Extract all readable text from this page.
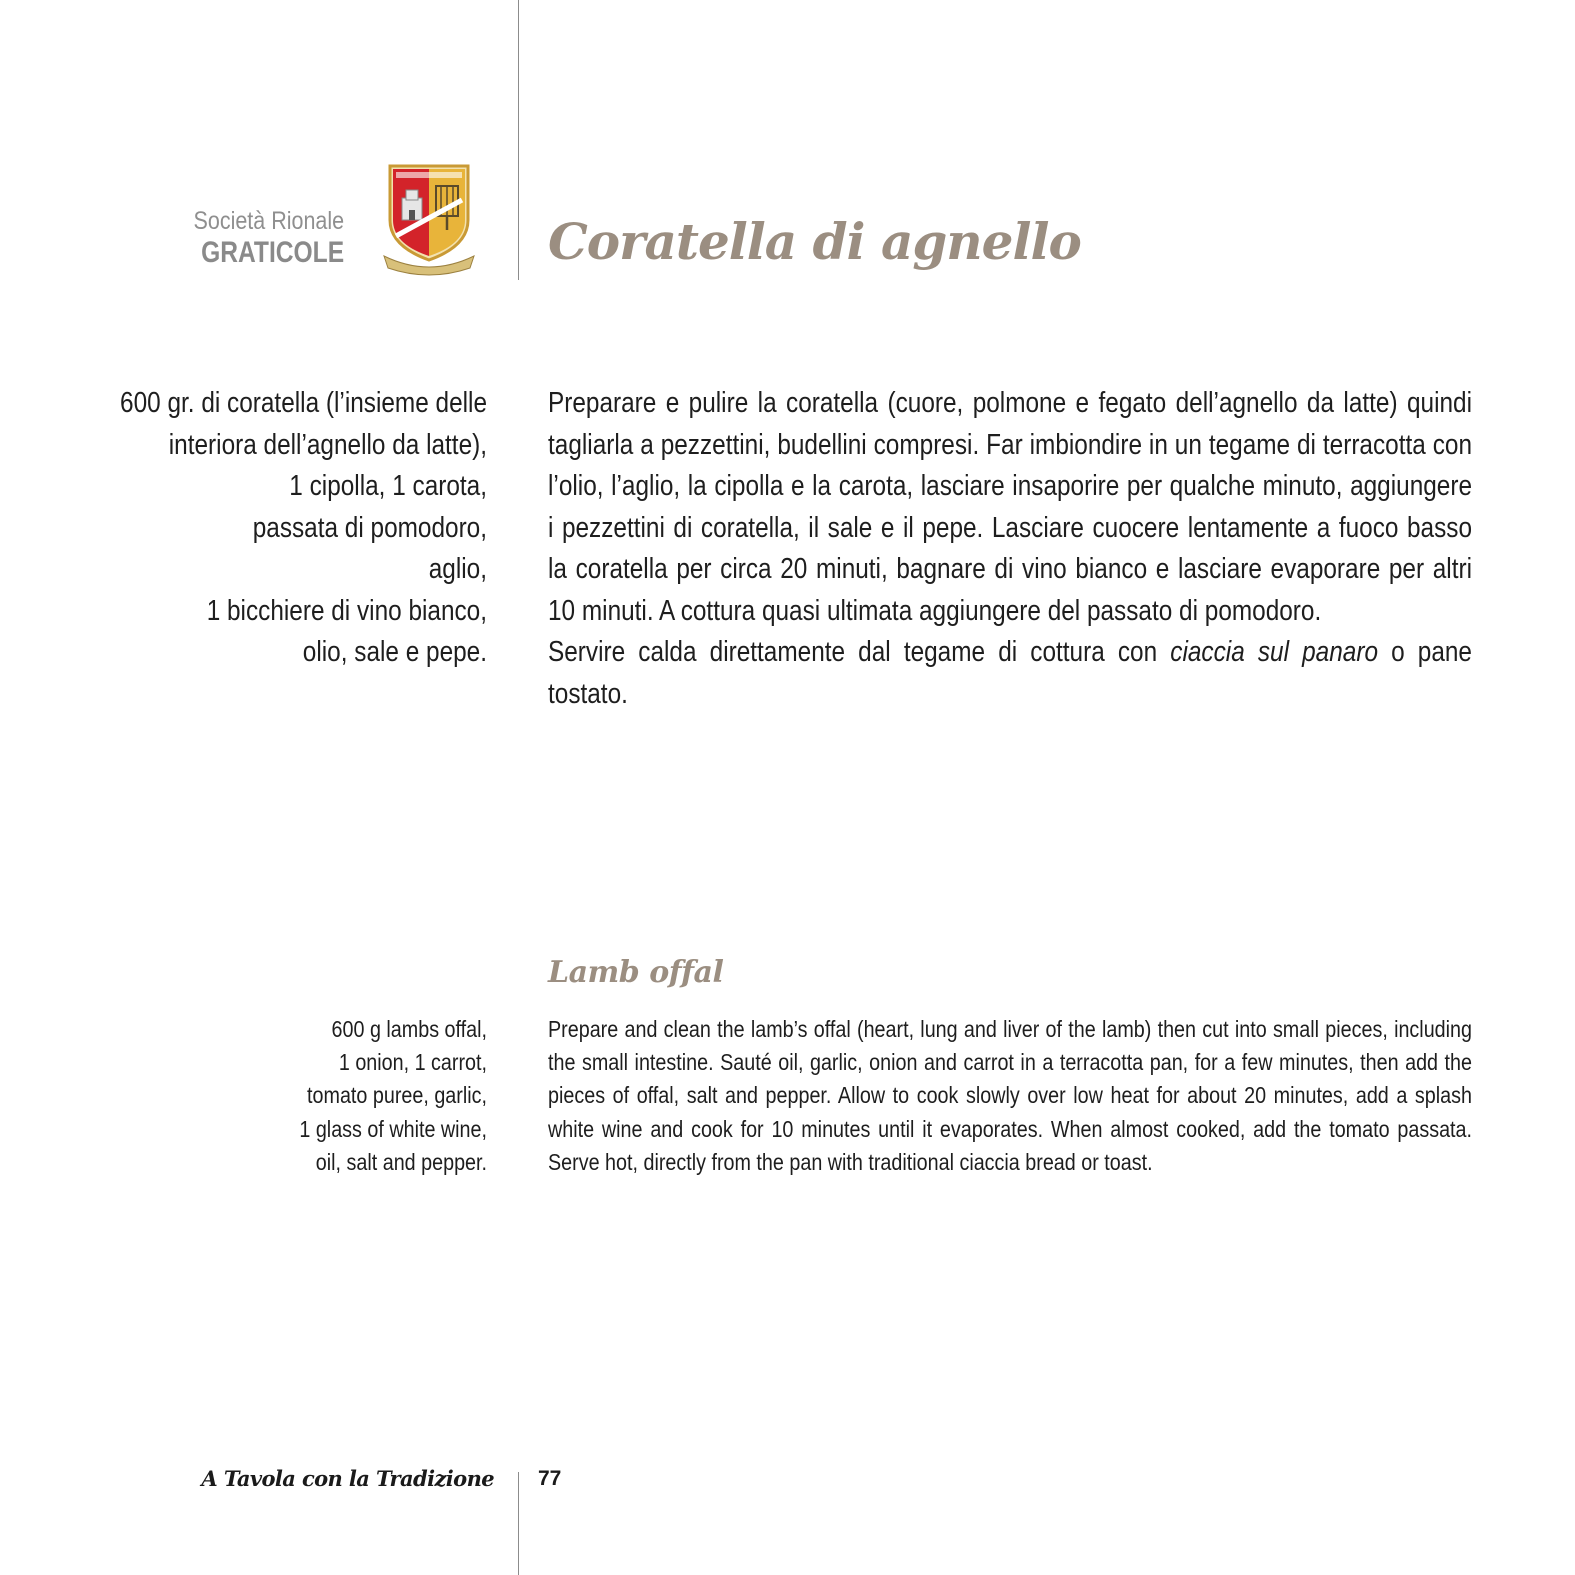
Società Rionale
GRATICOLE	Coratella di agnello
600 gr. di coratella (l’insieme delle
interiora dell’agnello da latte),
1 cipolla, 1 carota,
passata di pomodoro,
aglio,
1 bicchiere di vino bianco,
olio, sale e pepe.

Preparare e pulire la coratella (cuore, polmone e fegato dell’agnello da latte) quindi tagliarla a pezzettini, budellini compresi. Far imbiondire in un tegame di terracotta con l’olio, l’aglio, la cipolla e la carota, lasciare insaporire per qualche minuto, aggiungere i pezzettini di coratella, il sale e il pepe. Lasciare cuocere lentamente a fuoco basso la coratella per circa 20 minuti, bagnare di vino bianco e lasciare evaporare per altri 10 minuti. A cottura quasi ultimata aggiungere del passato di pomodoro.

Servire calda direttamente dal tegame di cottura con ciaccia sul panaro o pane tostato.

Lamb offal
600 g lambs offal,
1 onion, 1 carrot,
tomato puree, garlic,
1 glass of white wine,
oil, salt and pepper.

Prepare and clean the lamb’s offal (heart, lung and liver of the lamb) then cut into small pieces, including the small intestine. Sauté oil, garlic, onion and carrot in a terracotta pan, for a few minutes, then add the pieces of offal, salt and pepper. Allow to cook slowly over low heat for about 20 minutes, add a splash white wine and cook for 10 minutes until it evaporates. When almost cooked, add the tomato passata. Serve hot, directly from the pan with traditional ciaccia bread or toast.

A Tavola con la Tradizione 77
